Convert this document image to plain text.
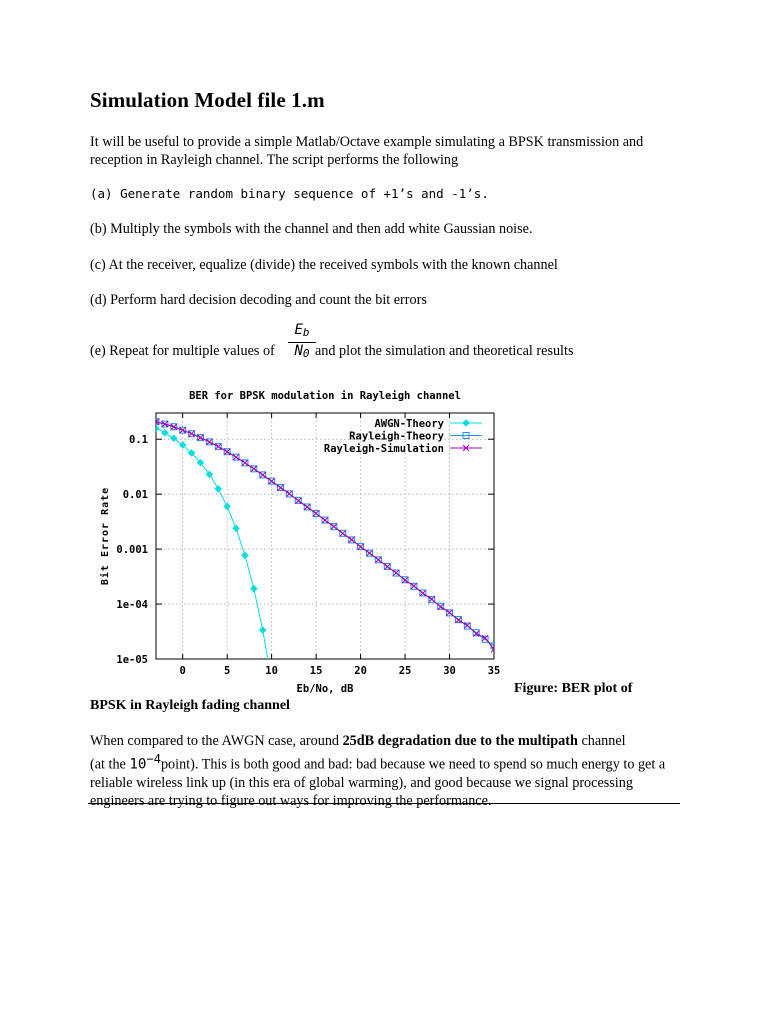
Simulation Model file 1.m

It will be useful to provide a simple Matlab/Octave example simulating a BPSK transmission and reception in Rayleigh channel. The script performs the following

(a) Generate random binary sequence of +1’s and -1’s.

(b) Multiply the symbols with the channel and then add white Gaussian noise.

(c) At the receiver, equalize (divide) the received symbols with the known channel

(d) Perform hard decision decoding and count the bit errors

(e) Repeat for multiple values of $\frac{Eb}{N0}$ and plot the simulation and theoretical results

0	5	10	15	20	25	30	35
0.1
0.01
0.001
1e-04
1e-05
BER for BPSK modulation in Rayleigh channel
Eb/No, dB
Bit Error Rate
AWGN-Theory
Rayleigh-Theory
Rayleigh-Simulation
Figure: BER plot of
BPSK in Rayleigh fading channel
When compared to the AWGN case, around 25dB degradation due to the multipath channel
(at the $10^{-4}point$). This is both good and bad: bad because we need to spend so much energy to get a reliable wireless link up (in this era of global warming), and good because we signal processing engineers are trying to figure out ways for improving the performance.
